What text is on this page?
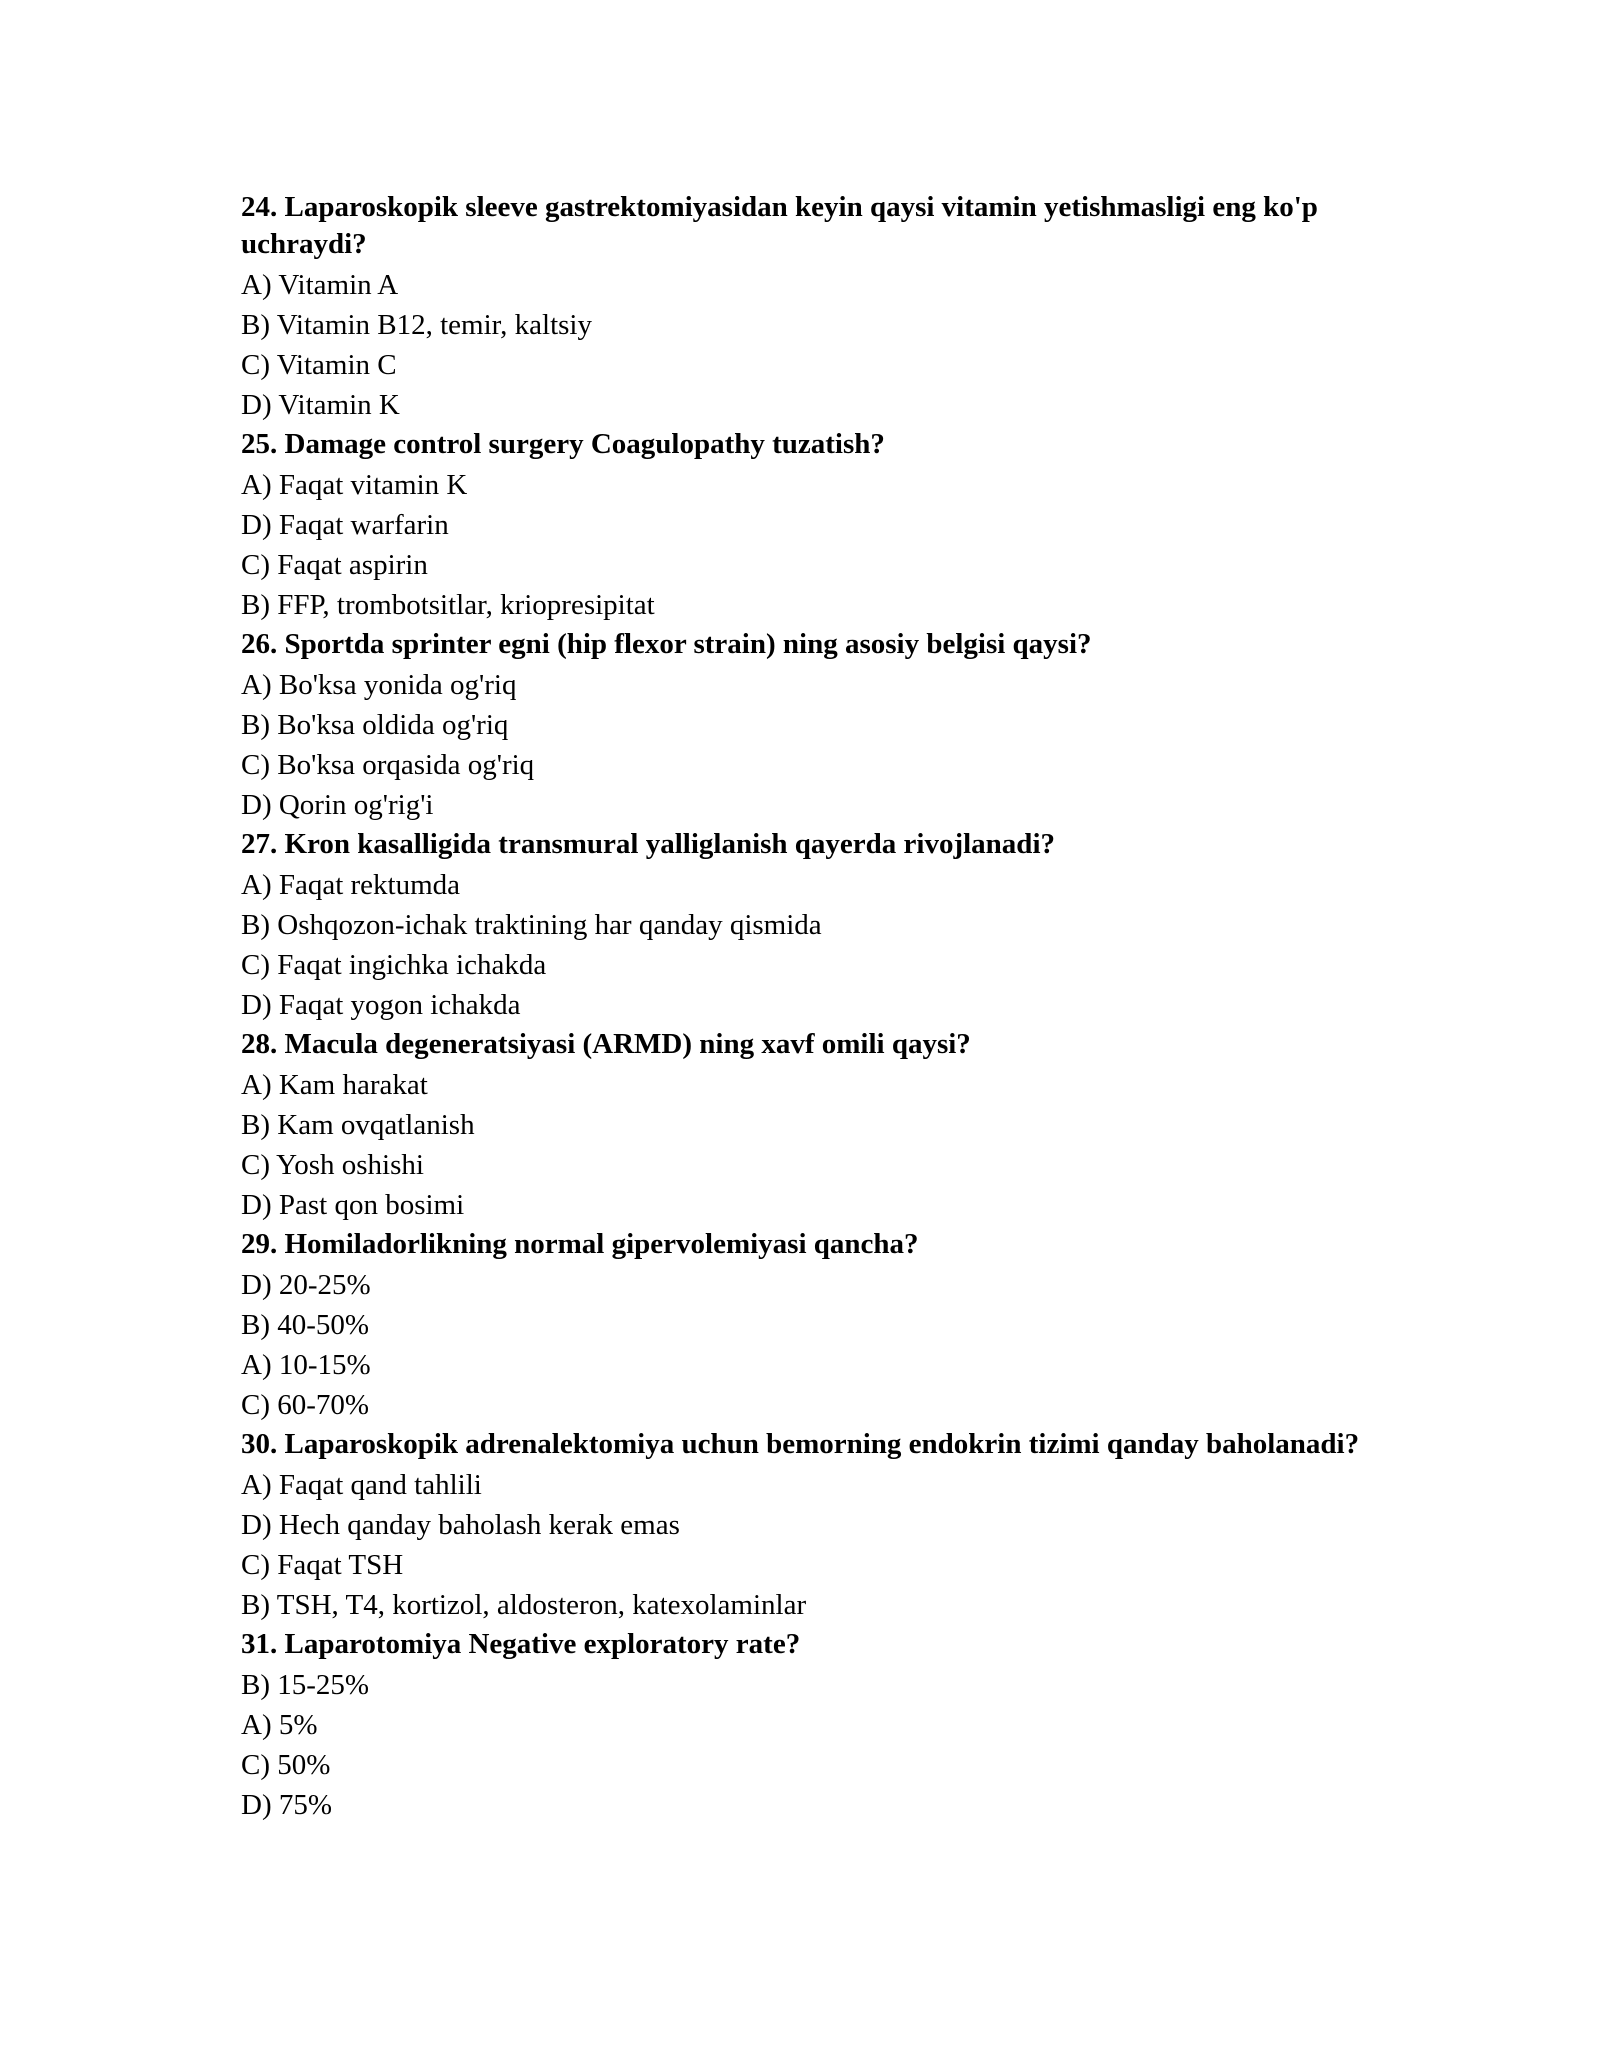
24. Laparoskopik sleeve gastrektomiyasidan keyin qaysi vitamin yetishmasligi eng ko'p uchraydi?

A) Vitamin A

B) Vitamin B12, temir, kaltsiy

C) Vitamin C

D) Vitamin K

25. Damage control surgery Coagulopathy tuzatish?

A) Faqat vitamin K

D) Faqat warfarin

C) Faqat aspirin

B) FFP, trombotsitlar, kriopresipitat

26. Sportda sprinter egni (hip flexor strain) ning asosiy belgisi qaysi?

A) Bo'ksa yonida og'riq

B) Bo'ksa oldida og'riq

C) Bo'ksa orqasida og'riq

D) Qorin og'rig'i

27. Kron kasalligida transmural yalliglanish qayerda rivojlanadi?

A) Faqat rektumda

B) Oshqozon-ichak traktining har qanday qismida

C) Faqat ingichka ichakda

D) Faqat yogon ichakda

28. Macula degeneratsiyasi (ARMD) ning xavf omili qaysi?

A) Kam harakat

B) Kam ovqatlanish

C) Yosh oshishi

D) Past qon bosimi

29. Homiladorlikning normal gipervolemiyasi qancha?

D) 20-25%

B) 40-50%

A) 10-15%

C) 60-70%

30. Laparoskopik adrenalektomiya uchun bemorning endokrin tizimi qanday baholanadi?

A) Faqat qand tahlili

D) Hech qanday baholash kerak emas

C) Faqat TSH

B) TSH, T4, kortizol, aldosteron, katexolaminlar

31. Laparotomiya Negative exploratory rate?

B) 15-25%

A) 5%

C) 50%

D) 75%
